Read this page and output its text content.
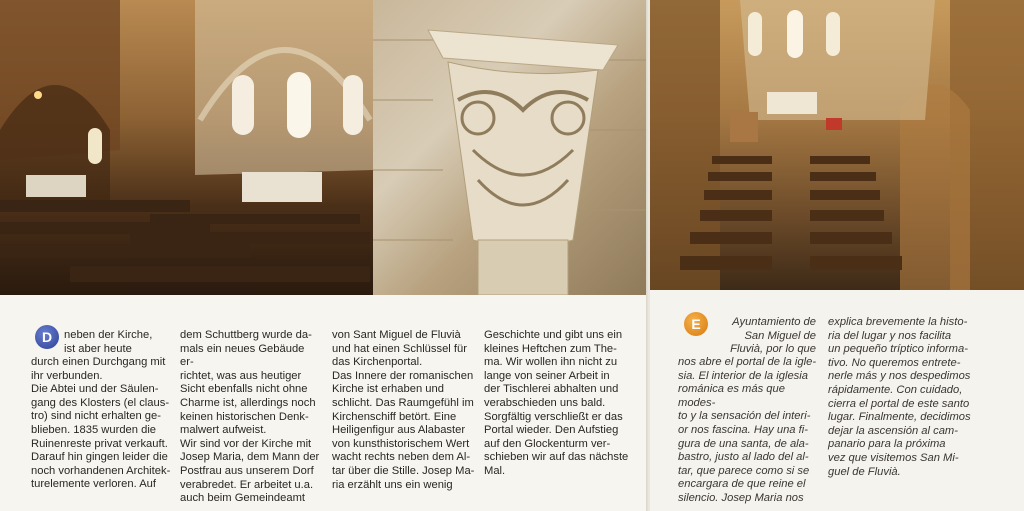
D	neben der Kirche,
ist aber heute

durch einen Durchgang mit
ihr verbunden.
Die Abtei und der Säulen-
gang des Klosters (el claus-
tro) sind nicht erhalten ge-
blieben. 1835 wurden die
Ruinenreste privat verkauft.
Darauf hin gingen leider die
noch vorhandenen Architek-
turelemente verloren. Auf

dem Schuttberg wurde da-
mals ein neues Gebäude er-
richtet, was aus heutiger
Sicht ebenfalls nicht ohne
Charme ist, allerdings noch
keinen historischen Denk-
malwert aufweist.
Wir sind vor der Kirche mit
Josep Maria, dem Mann der
Postfrau aus unserem Dorf
verabredet. Er arbeitet u.a.
auch beim Gemeindeamt

von Sant Miguel de Fluvià
und hat einen Schlüssel für
das Kirchenportal.
Das Innere der romanischen
Kirche ist erhaben und
schlicht. Das Raumgefühl im
Kirchenschiff betört. Eine
Heiligenfigur aus Alabaster
von kunsthistorischem Wert
wacht rechts neben dem Al-
tar über die Stille. Josep Ma-
ria erzählt uns ein wenig

Geschichte und gibt uns ein
kleines Heftchen zum The-
ma. Wir wollen ihn nicht zu
lange von seiner Arbeit in
der Tischlerei abhalten und
verabschieden uns bald.
Sorgfältig verschließt er das
Portal wieder. Den Aufstieg
auf den Glockenturm ver-
schieben wir auf das nächste
Mal.

E	Ayuntamiento de
San Miguel de
Fluvià, por lo que

nos abre el portal de la igle-
sia. El interior de la iglesia
románica es más que modes-
to y la sensación del interi-
or nos fascina. Hay una fi-
gura de una santa, de ala-
bastro, justo al lado del al-
tar, que parece como si se
encargara de que reine el
silencio. Josep Maria nos

explica brevemente la histo-
ria del lugar y nos facilita
un pequeño tríptico informa-
tivo. No queremos entrete-
nerle más y nos despedimos
rápidamente. Con cuidado,
cierra el portal de este santo
lugar. Finalmente, decidimos
dejar la ascensión al cam-
panario para la próxima
vez que visitemos San Mi-
guel de Fluvià.
